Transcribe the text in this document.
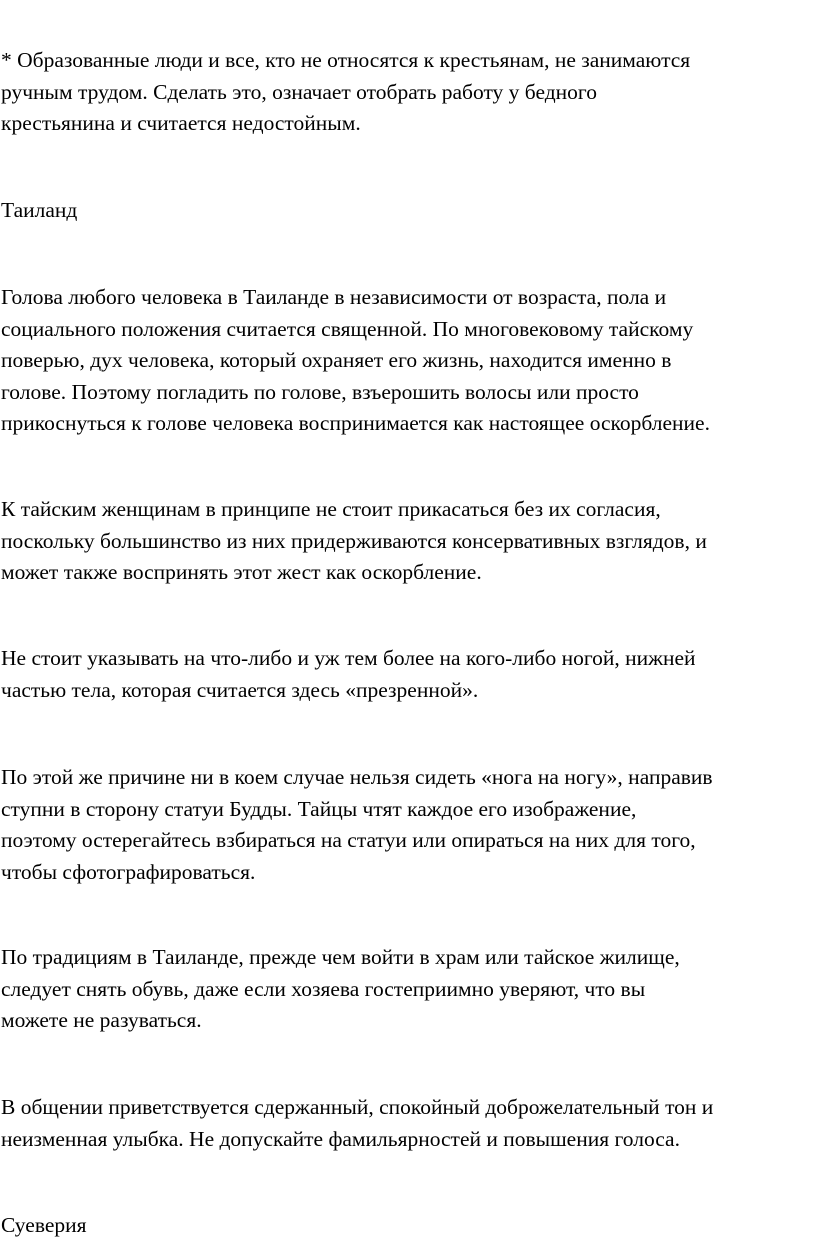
* Образованные люди и все, кто не относятся к крестьянам, не занимаются
ручным трудом. Сделать это, означает отобрать работу у бедного
крестьянина и считается недостойным.

Таиланд

Голова любого человека в Таиланде в независимости от возраста, пола и
социального положения считается священной. По многовековому тайскому
поверью, дух человека, который охраняет его жизнь, находится именно в
голове. Поэтому погладить по голове, взъерошить волосы или просто
прикоснуться к голове человека воспринимается как настоящее оскорбление.

К тайским женщинам в принципе не стоит прикасаться без их согласия,
поскольку большинство из них придерживаются консервативных взглядов, и
может также воспринять этот жест как оскорбление.

Не стоит указывать на что-либо и уж тем более на кого-либо ногой, нижней
частью тела, которая считается здесь «презренной».

По этой же причине ни в коем случае нельзя сидеть «нога на ногу», направив
ступни в сторону статуи Будды. Тайцы чтят каждое его изображение,
поэтому остерегайтесь взбираться на статуи или опираться на них для того,
чтобы сфотографироваться.

По традициям в Таиланде, прежде чем войти в храм или тайское жилище,
следует снять обувь, даже если хозяева гостеприимно уверяют, что вы
можете не разуваться.

В общении приветствуется сдержанный, спокойный доброжелательный тон и
неизменная улыбка. Не допускайте фамильярностей и повышения голоса.

Суеверия
